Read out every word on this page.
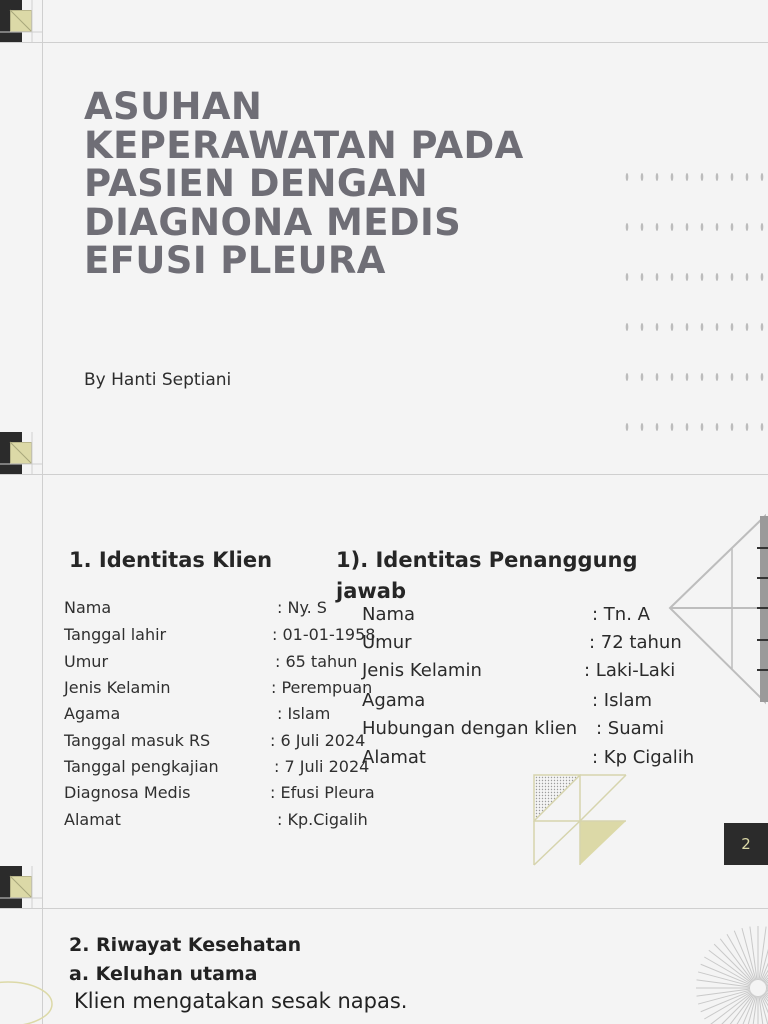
ASUHAN
KEPERAWATAN PADA
PASIEN DENGAN
DIAGNONA MEDIS
EFUSI PLEURA
By Hanti Septiani
1. Identitas Klien	1). Identitas Penanggung
jawab
Nama	: Ny. S
Tanggal lahir	: 01-01-1958
Umur	: 65 tahun
Jenis Kelamin	: Perempuan
Agama	: Islam
Tanggal masuk RS	: 6 Juli 2024
Tanggal pengkajian	: 7 Juli 2024
Diagnosa Medis	: Efusi Pleura
Alamat	: Kp.Cigalih
Nama	: Tn. A
Umur	: 72 tahun
Jenis Kelamin	: Laki-Laki
Agama	: Islam
Hubungan dengan klien : Suami
Alamat	: Kp Cigalih
2
2. Riwayat Kesehatan
a. Keluhan utama
Klien mengatakan sesak napas.
